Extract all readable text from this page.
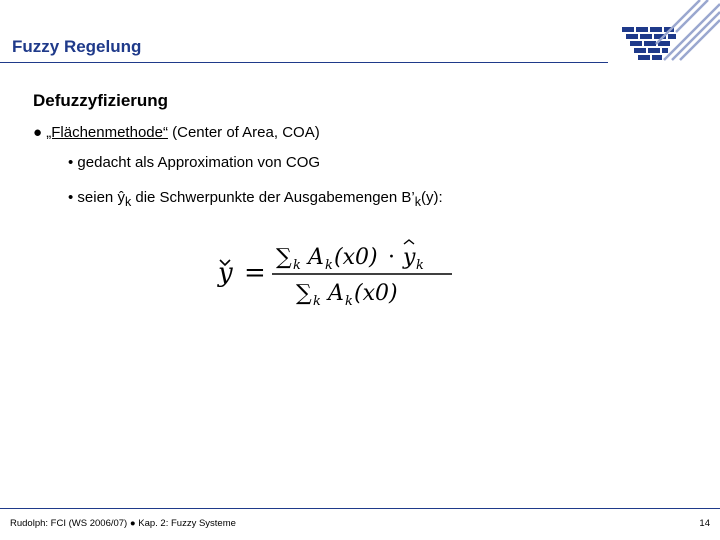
Fuzzy Regelung
Defuzzyfizierung
● „Flächenmethode“ (Center of Area, COA)
• gedacht als Approximation von COG
• seien $ŷ_k$ die Schwerpunkte der Ausgabemengen $B’_k(y)$:
y =
∑ k A k (x0) · y k
∑ k A k (x0)
Rudolph: FCI (WS 2006/07) ● Kap. 2: Fuzzy Systeme	14
